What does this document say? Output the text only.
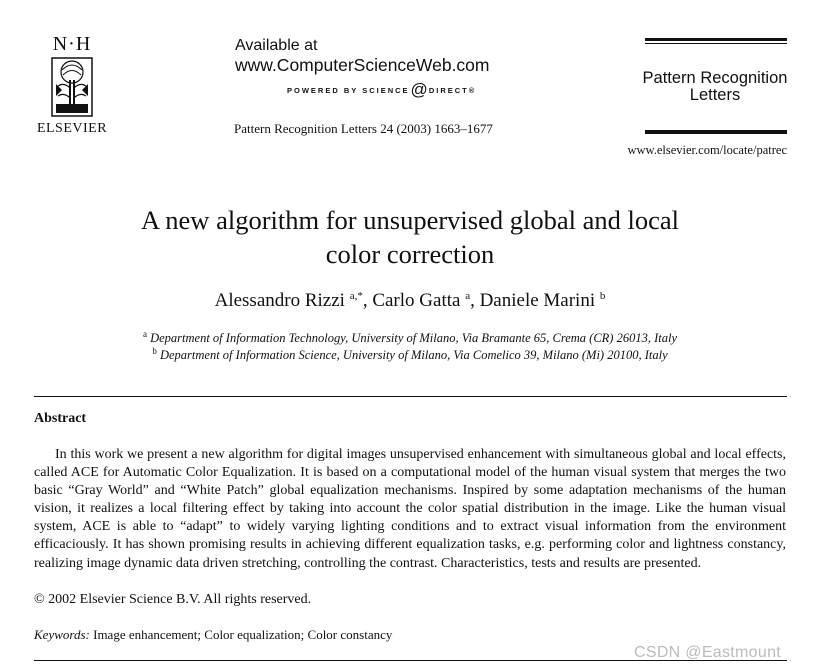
N·H
ELSEVIER
Available at
www.ComputerScienceWeb.com
POWERED BY SCIENCE@DIRECT®
Pattern Recognition Letters 24 (2003) 1663–1677
Pattern Recognition
Letters
www.elsevier.com/locate/patrec
A new algorithm for unsupervised global and local
color correction
Alessandro Rizzi $^{a,*}$, Carlo Gatta $^a$, Daniele Marini $^b$
$^a$ Department of Information Technology, University of Milano, Via Bramante 65, Crema (CR) 26013, Italy
$^b$ Department of Information Science, University of Milano, Via Comelico 39, Milano (Mi) 20100, Italy
Abstract
In this work we present a new algorithm for digital images unsupervised enhancement with simultaneous global and local effects, called ACE for Automatic Color Equalization. It is based on a computational model of the human visual system that merges the two basic “Gray World” and “White Patch” global equalization mechanisms. Inspired by some adaptation mechanisms of the human vision, it realizes a local filtering effect by taking into account the color spatial distribution in the image. Like the human visual system, ACE is able to “adapt” to widely varying lighting conditions and to extract visual information from the environment efficaciously. It has shown promising results in achieving different equalization tasks, e.g. performing color and lightness constancy, realizing image dynamic data driven stretching, controlling the contrast. Characteristics, tests and results are presented.
© 2002 Elsevier Science B.V. All rights reserved.
Keywords: Image enhancement; Color equalization; Color constancy
CSDN @Eastmount
